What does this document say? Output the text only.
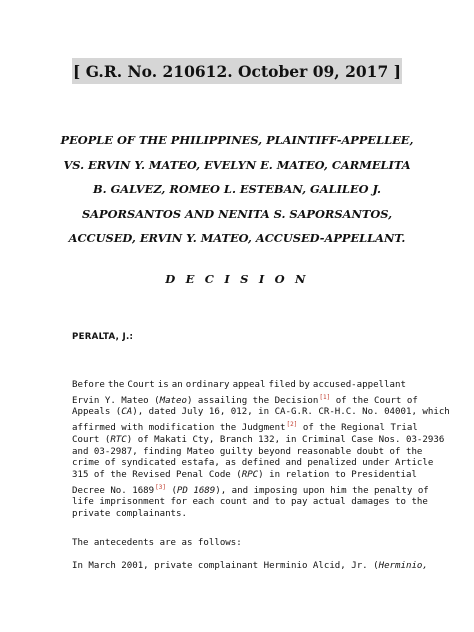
[ G.R. No. 210612. October 09, 2017 ]
PEOPLE OF THE PHILIPPINES, PLAINTIFF-APPELLEE,
VS. ERVIN Y. MATEO, EVELYN E. MATEO, CARMELITA
B. GALVEZ, ROMEO L. ESTEBAN, GALILEO J.
SAPORSANTOS AND NENITA S. SAPORSANTOS,
ACCUSED, ERVIN Y. MATEO, ACCUSED-APPELLANT.
D E C I S I O N
PERALTA, J.:
Before the Court is an ordinary appeal filed by accused-appellant
Ervin Y. Mateo (Mateo) assailing the Decision[1] of the Court of
Appeals (CA), dated July 16, 012, in CA-G.R. CR-H.C. No. 04001, which
affirmed with modification the Judgment[2] of the Regional Trial
Court (RTC) of Makati Cty, Branch 132, in Criminal Case Nos. 03-2936
and 03-2987, finding Mateo guilty beyond reasonable doubt of the
crime of syndicated estafa, as defined and penalized under Article
315 of the Revised Penal Code (RPC) in relation to Presidential
Decree No. 1689[3] (PD 1689), and imposing upon him the penalty of
life imprisonment for each count and to pay actual damages to the
private complainants.
The antecedents are as follows:
In March 2001, private complainant Herminio Alcid, Jr. ( Herminio,
